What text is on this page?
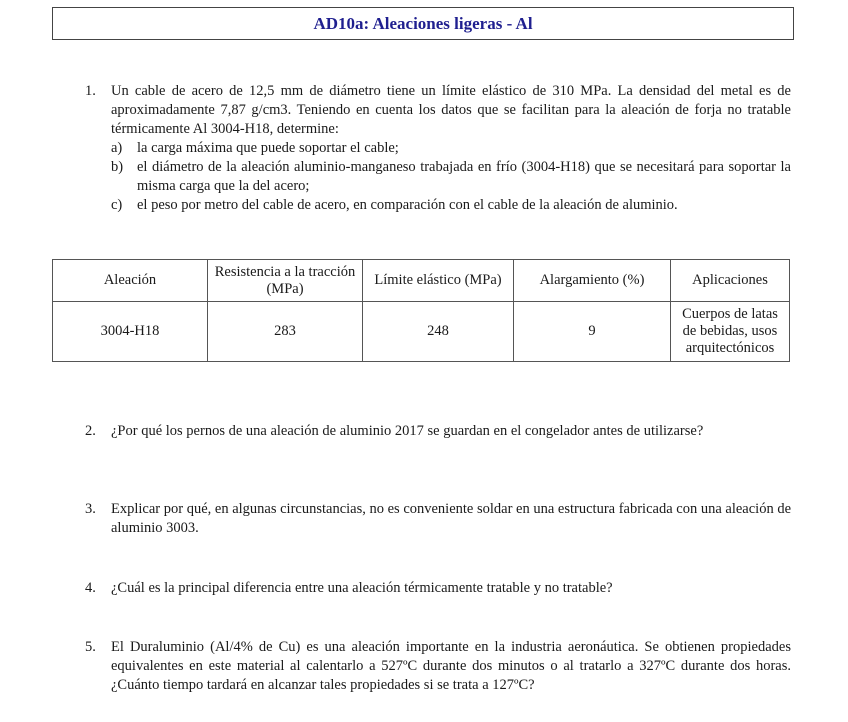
AD10a: Aleaciones ligeras - Al
1.	Un cable de acero de 12,5 mm de diámetro tiene un límite elástico de 310 MPa. La densidad del metal es de aproximadamente 7,87 g/cm3. Teniendo en cuenta los datos que se facilitan para la aleación de forja no tratable térmicamente Al 3004-H18, determine:
a) la carga máxima que puede soportar el cable;
b) el diámetro de la aleación aluminio-manganeso trabajada en frío (3004-H18) que se necesitará para soportar la misma carga que la del acero;
c) el peso por metro del cable de acero, en comparación con el cable de la aleación de aluminio.
Aleación	Resistencia a la tracción (MPa)	Límite elástico (MPa)	Alargamiento (%)	Aplicaciones
3004-H18	283	248	9	Cuerpos de latas de bebidas, usos arquitectónicos
2.	¿Por qué los pernos de una aleación de aluminio 2017 se guardan en el congelador antes de utilizarse?
3.	Explicar por qué, en algunas circunstancias, no es conveniente soldar en una estructura fabricada con una aleación de aluminio 3003.
4.	¿Cuál es la principal diferencia entre una aleación térmicamente tratable y no tratable?
5.	El Duraluminio (Al/4% de Cu) es una aleación importante en la industria aeronáutica. Se obtienen propiedades equivalentes en este material al calentarlo a 527ºC durante dos minutos o al tratarlo a 327ºC durante dos horas. ¿Cuánto tiempo tardará en alcanzar tales propiedades si se trata a 127ºC?
